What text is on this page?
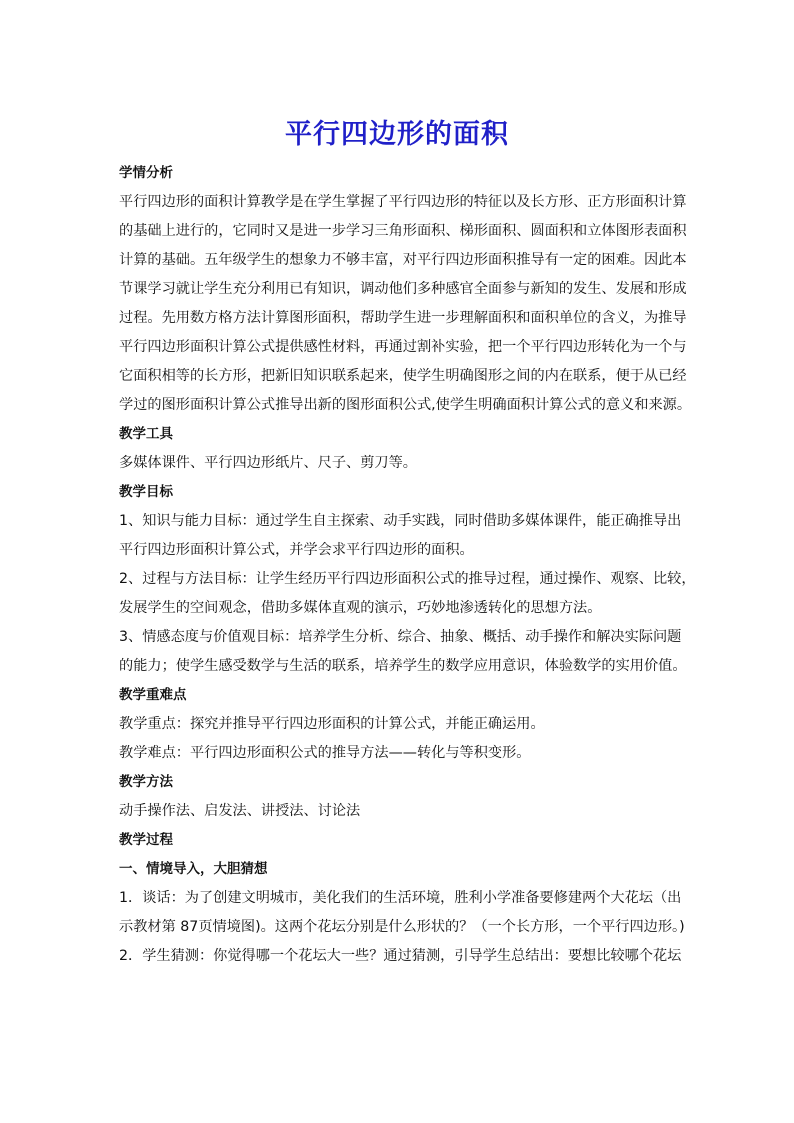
平行四边形的面积
学情分析
平行四边形的面积计算教学是在学生掌握了平行四边形的特征以及长方形、正方形面积计算
的基础上进行的，它同时又是进一步学习三角形面积、梯形面积、圆面积和立体图形表面积
计算的基础。五年级学生的想象力不够丰富，对平行四边形面积推导有一定的困难。因此本
节课学习就让学生充分利用已有知识，调动他们多种感官全面参与新知的发生、发展和形成
过程。先用数方格方法计算图形面积，帮助学生进一步理解面积和面积单位的含义，为推导
平行四边形面积计算公式提供感性材料，再通过割补实验，把一个平行四边形转化为一个与
它面积相等的长方形，把新旧知识联系起来，使学生明确图形之间的内在联系，便于从已经
学过的图形面积计算公式推导出新的图形面积公式,使学生明确面积计算公式的意义和来源。
教学工具
多媒体课件、平行四边形纸片、尺子、剪刀等。
教学目标
1、知识与能力目标：通过学生自主探索、动手实践，同时借助多媒体课件，能正确推导出
平行四边形面积计算公式，并学会求平行四边形的面积。
2、过程与方法目标：让学生经历平行四边形面积公式的推导过程，通过操作、观察、比较，
发展学生的空间观念，借助多媒体直观的演示，巧妙地渗透转化的思想方法。
3、情感态度与价值观目标：培养学生分析、综合、抽象、概括、动手操作和解决实际问题
的能力；使学生感受数学与生活的联系，培养学生的数学应用意识，体验数学的实用价值。
教学重难点
教学重点：探究并推导平行四边形面积的计算公式，并能正确运用。
教学难点：平行四边形面积公式的推导方法——转化与等积变形。
教学方法
动手操作法、启发法、讲授法、讨论法
教学过程
一、情境导入，大胆猜想
1．谈话：为了创建文明城市，美化我们的生活环境，胜利小学准备要修建两个大花坛（出
示教材第 87页情境图)。这两个花坛分别是什么形状的？（一个长方形，一个平行四边形。)
2．学生猜测：你觉得哪一个花坛大一些？通过猜测，引导学生总结出：要想比较哪个花坛
